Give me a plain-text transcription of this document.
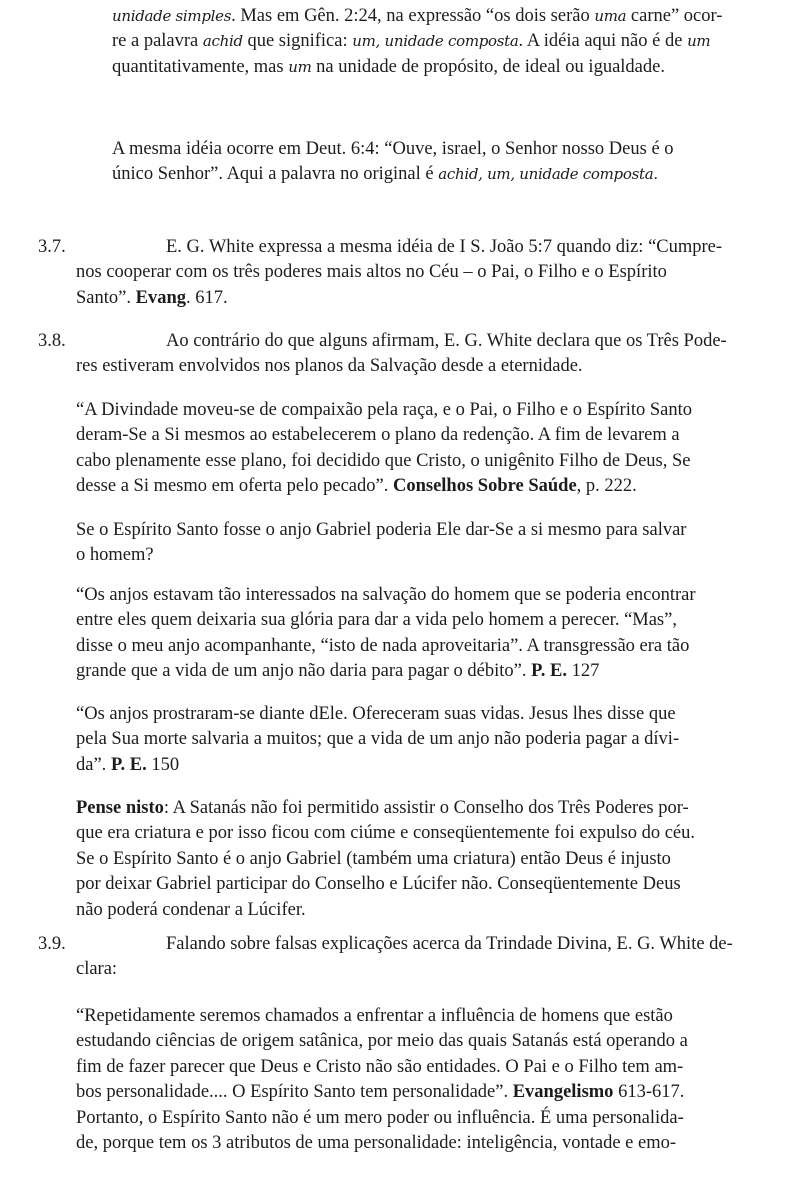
unidade simples. Mas em Gên. 2:24, na expressão “os dois serão uma carne” ocor-
re a palavra achid que significa: um, unidade composta. A idéia aqui não é de um
quantitativamente, mas um na unidade de propósito, de ideal ou igualdade.

A mesma idéia ocorre em Deut. 6:4: “Ouve, israel, o Senhor nosso Deus é o
único Senhor”. Aqui a palavra no original é achid, um, unidade composta.

3.7.	E. G. White expressa a mesma idéia de I S. João 5:7 quando diz: “Cumpre-
nos cooperar com os três poderes mais altos no Céu – o Pai, o Filho e o Espírito
Santo”. Evang. 617.

3.8.	Ao contrário do que alguns afirmam, E. G. White declara que os Três Pode-
res estiveram envolvidos nos planos da Salvação desde a eternidade.

“A Divindade moveu-se de compaixão pela raça, e o Pai, o Filho e o Espírito Santo
deram-Se a Si mesmos ao estabelecerem o plano da redenção. A fim de levarem a
cabo plenamente esse plano, foi decidido que Cristo, o unigênito Filho de Deus, Se
desse a Si mesmo em oferta pelo pecado”. Conselhos Sobre Saúde, p. 222.

Se o Espírito Santo fosse o anjo Gabriel poderia Ele dar-Se a si mesmo para salvar
o homem?

“Os anjos estavam tão interessados na salvação do homem que se poderia encontrar
entre eles quem deixaria sua glória para dar a vida pelo homem a perecer. “Mas”,
disse o meu anjo acompanhante, “isto de nada aproveitaria”. A transgressão era tão
grande que a vida de um anjo não daria para pagar o débito”. P. E. 127

“Os anjos prostraram-se diante dEle. Ofereceram suas vidas. Jesus lhes disse que
pela Sua morte salvaria a muitos; que a vida de um anjo não poderia pagar a dívi-
da”. P. E. 150

Pense nisto: A Satanás não foi permitido assistir o Conselho dos Três Poderes por-
que era criatura e por isso ficou com ciúme e conseqüentemente foi expulso do céu.
Se o Espírito Santo é o anjo Gabriel (também uma criatura) então Deus é injusto
por deixar Gabriel participar do Conselho e Lúcifer não. Conseqüentemente Deus
não poderá condenar a Lúcifer.

3.9.	Falando sobre falsas explicações acerca da Trindade Divina, E. G. White de-
clara:

“Repetidamente seremos chamados a enfrentar a influência de homens que estão
estudando ciências de origem satânica, por meio das quais Satanás está operando a
fim de fazer parecer que Deus e Cristo não são entidades. O Pai e o Filho tem am-
bos personalidade.... O Espírito Santo tem personalidade”. Evangelismo 613-617.
Portanto, o Espírito Santo não é um mero poder ou influência. É uma personalida-
de, porque tem os 3 atributos de uma personalidade: inteligência, vontade e emo-
